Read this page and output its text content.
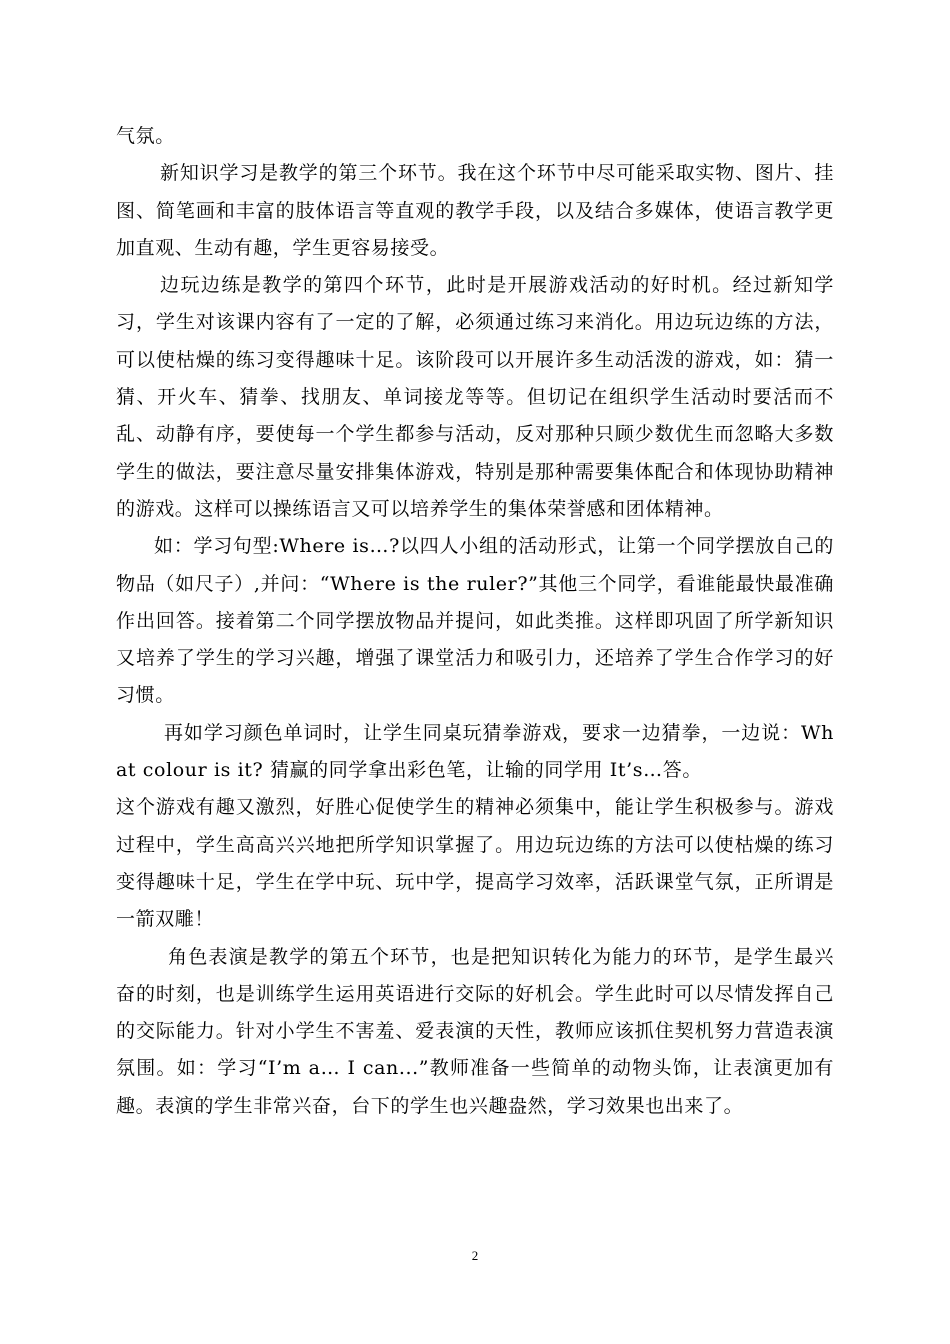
气氛。

新知识学习是教学的第三个环节。我在这个环节中尽可能采取实物、图片、挂图、简笔画和丰富的肢体语言等直观的教学手段，以及结合多媒体，使语言教学更加直观、生动有趣，学生更容易接受。

边玩边练是教学的第四个环节，此时是开展游戏活动的好时机。经过新知学习，学生对该课内容有了一定的了解，必须通过练习来消化。用边玩边练的方法，可以使枯燥的练习变得趣味十足。该阶段可以开展许多生动活泼的游戏，如：猜一猜、开火车、猜拳、找朋友、单词接龙等等。但切记在组织学生活动时要活而不乱、动静有序，要使每一个学生都参与活动，反对那种只顾少数优生而忽略大多数学生的做法，要注意尽量安排集体游戏，特别是那种需要集体配合和体现协助精神的游戏。这样可以操练语言又可以培养学生的集体荣誉感和团体精神。

如：学习句型:Where is…?以四人小组的活动形式，让第一个同学摆放自己的物品（如尺子）,并问：“Where is the ruler?”其他三个同学，看谁能最快最准确作出回答。接着第二个同学摆放物品并提问，如此类推。这样即巩固了所学新知识又培养了学生的学习兴趣，增强了课堂活力和吸引力，还培养了学生合作学习的好习惯。

再如学习颜色单词时，让学生同桌玩猜拳游戏，要求一边猜拳，一边说：What colour is it? 猜赢的同学拿出彩色笔，让输的同学用 It’s…答。

这个游戏有趣又激烈，好胜心促使学生的精神必须集中，能让学生积极参与。游戏过程中，学生高高兴兴地把所学知识掌握了。用边玩边练的方法可以使枯燥的练习变得趣味十足，学生在学中玩、玩中学，提高学习效率，活跃课堂气氛，正所谓是一箭双雕！

角色表演是教学的第五个环节，也是把知识转化为能力的环节，是学生最兴奋的时刻，也是训练学生运用英语进行交际的好机会。学生此时可以尽情发挥自己的交际能力。针对小学生不害羞、爱表演的天性，教师应该抓住契机努力营造表演氛围。如：学习“I’m a… I can...”教师准备一些简单的动物头饰，让表演更加有趣。表演的学生非常兴奋，台下的学生也兴趣盎然，学习效果也出来了。

2
